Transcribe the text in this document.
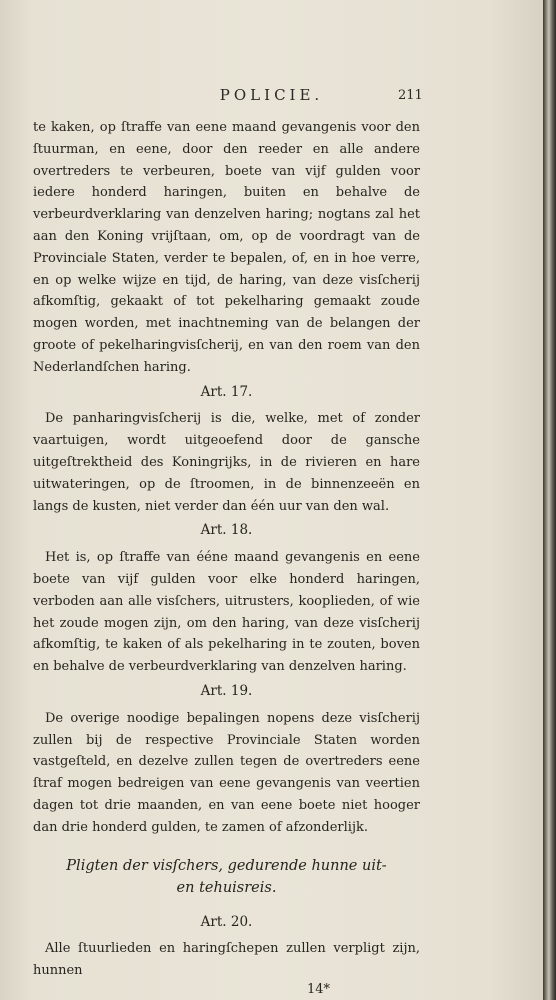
POLICIE.	211

te kaken, op ſtraffe van eene maand gevangenis voor den ſtuurman, en eene, door den reeder en alle andere overtreders te verbeuren, boete van vijf gulden voor iedere honderd haringen, buiten en behalve de verbeurdverklaring van denzelven haring; nogtans zal het aan den Koning vrijſtaan, om, op de voordragt van de Provinciale Staten, verder te bepalen, of, en in hoe verre, en op welke wijze en tijd, de haring, van deze visſcherij afkomſtig, gekaakt of tot pekelharing gemaakt zoude mogen worden, met inachtneming van de belangen der groote of pekelharingvisſcherij, en van den roem van den Nederlandſchen haring.

Art. 17.

De panharingvisſcherij is die, welke, met of zonder vaartuigen, wordt uitgeoefend door de gansche uitgeſtrektheid des Koningrijks, in de rivieren en hare uitwateringen, op de ſtroomen, in de binnenzeeën en langs de kusten, niet verder dan één uur van den wal.

Art. 18.

Het is, op ſtraffe van ééne maand gevangenis en eene boete van vijf gulden voor elke honderd haringen, verboden aan alle visſchers, uitrusters, kooplieden, of wie het zoude mogen zijn, om den haring, van deze visſcherij afkomſtig, te kaken of als pekelharing in te zouten, boven en behalve de verbeurdverklaring van denzelven haring.

Art. 19.

De overige noodige bepalingen nopens deze visſcherij zullen bij de respective Provinciale Staten worden vastgeſteld, en dezelve zullen tegen de overtreders eene ſtraf mogen bedreigen van eene gevangenis van veertien dagen tot drie maanden, en van eene boete niet hooger dan drie honderd gulden, te zamen of afzonderlijk.

Pligten der visſchers, gedurende hunne uit- en tehuisreis.

Art. 20.

Alle ſtuurlieden en haringſchepen zullen verpligt zijn, hunnen

14*
